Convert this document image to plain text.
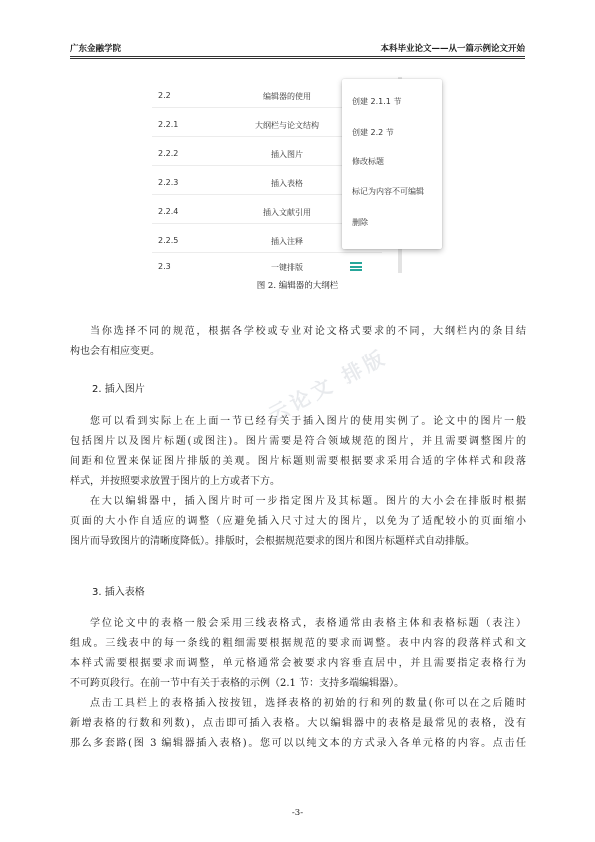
广东金融学院	本科毕业论文——从一篇示例论文开始
2.2	编辑器的使用
2.2.1	大纲栏与论文结构
2.2.2	插入图片
2.2.3	插入表格
2.2.4	插入文献引用
2.2.5	插入注释
2.3	一键排版
创建 2.1.1 节
创建 2.2 节
修改标题
标记为内容不可编辑
删除
图 2. 编辑器的大纲栏
云论文 排版
当你选择不同的规范，根据各学校或专业对论文格式要求的不同，大纲栏内的条目结
构也会有相应变更。
2. 插入图片
您可以看到实际上在上面一节已经有关于插入图片的使用实例了。论文中的图片一般
包括图片以及图片标题(或图注)。图片需要是符合领域规范的图片，并且需要调整图片的
间距和位置来保证图片排版的美观。图片标题则需要根据要求采用合适的字体样式和段落
样式，并按照要求放置于图片的上方或者下方。
在大以编辑器中，插入图片时可一步指定图片及其标题。图片的大小会在排版时根据
页面的大小作自适应的调整（应避免插入尺寸过大的图片，以免为了适配较小的页面缩小
图片而导致图片的清晰度降低）。排版时，会根据规范要求的图片和图片标题样式自动排版。
3. 插入表格
学位论文中的表格一般会采用三线表格式，表格通常由表格主体和表格标题（表注）
组成。三线表中的每一条线的粗细需要根据规范的要求而调整。表中内容的段落样式和文
本样式需要根据要求而调整，单元格通常会被要求内容垂直居中，并且需要指定表格行为
不可跨页段行。在前一节中有关于表格的示例（2.1 节：支持多端编辑器）。
点击工具栏上的表格插入按按钮，选择表格的初始的行和列的数量(你可以在之后随时
新增表格的行数和列数)，点击即可插入表格。大以编辑器中的表格是最常见的表格，没有
那么多套路(图 3 编辑器插入表格)。您可以以纯文本的方式录入各单元格的内容。点击任
-3-
